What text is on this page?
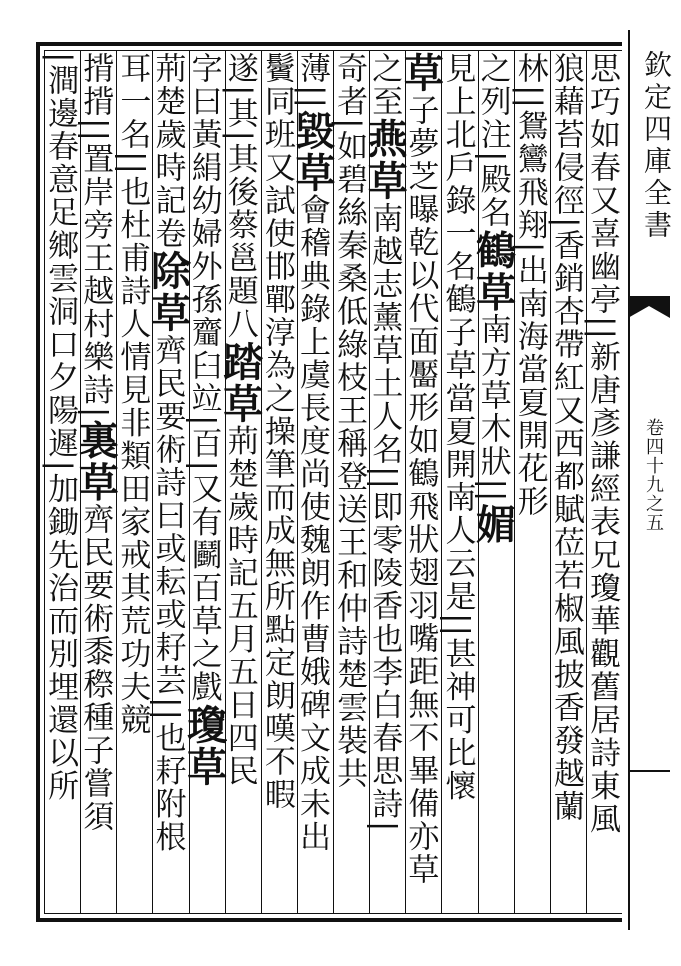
思巧如春又喜幽亭||新唐彥謙經表兄瓊華觀舊居詩東風
狼藉苔侵徑|香銷杏帶紅又西都賦莅若椒風披香發越蘭
林||鴛鸞飛翔|出南海當夏開花形
之列注|殿名鶴草南方草木狀||媚
見上北戶錄一名鶴子草當夏開南人云是||甚神可比懷
草子夢芝曝乾以代面靨形如鶴飛狀翅羽嘴距無不畢備亦草
之至燕草南越志薰草土人名||即零陵香也李白春思詩|
奇者|如碧絲秦桑低綠枝王稱登送王和仲詩楚雲裝共
薄||毀草會稽典錄上虞長度尚使魏朗作曹娥碑文成未出
鬢同班又試使邯鄲淳為之操筆而成無所點定朗嘆不暇
遂|其|其後蔡邕題八踏草荊楚歲時記五月五日四民
字曰黃絹幼婦外孫齏臼竝|百|又有鬬百草之戲瓊草
荊楚歲時記卷除草齊民要術詩曰或耘或耔芸||也耔附根
耳一名||也杜甫詩人情見非類田家戒其荒功夫競
揹揹||置岸旁王越村樂詩|裏草齊民要術黍穄種子嘗須
|澗邊春意足鄉雲洞口夕陽遲|加鋤先治而別埋還以所	欽定四庫全書
卷四十九之五
